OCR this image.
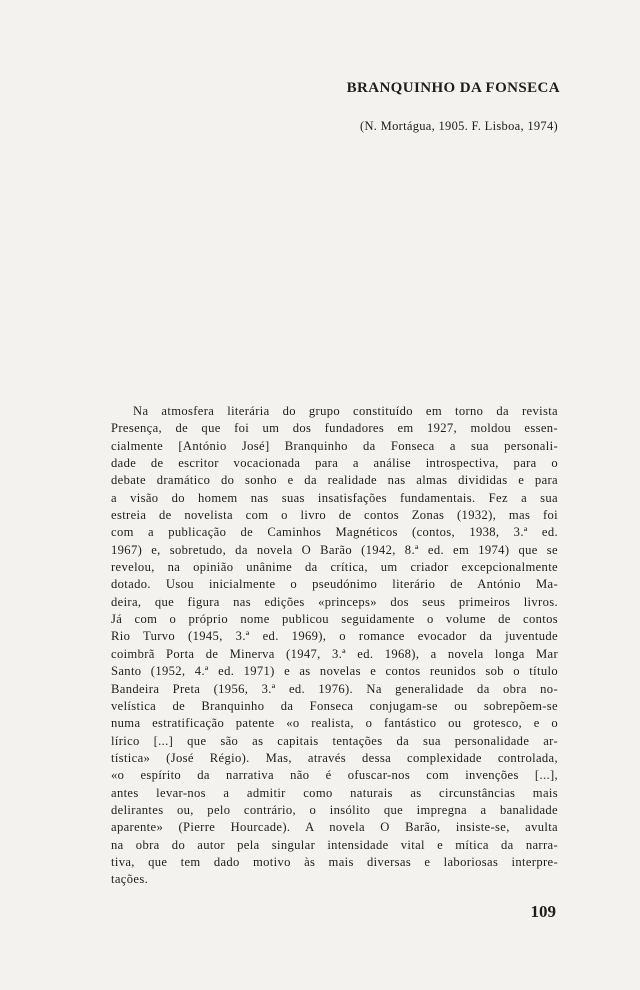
BRANQUINHO DA FONSECA
(N. Mortágua, 1905. F. Lisboa, 1974)
Na atmosfera literária do grupo constituído em torno da revista
Presença, de que foi um dos fundadores em 1927, moldou essen-
cialmente [António José] Branquinho da Fonseca a sua personali-
dade de escritor vocacionada para a análise introspectiva, para o
debate dramático do sonho e da realidade nas almas divididas e para
a visão do homem nas suas insatisfações fundamentais. Fez a sua
estreia de novelista com o livro de contos Zonas (1932), mas foi
com a publicação de Caminhos Magnéticos (contos, 1938, 3.ª ed.
1967) e, sobretudo, da novela O Barão (1942, 8.ª ed. em 1974) que se
revelou, na opinião unânime da crítica, um criador excepcionalmente
dotado. Usou inicialmente o pseudónimo literário de António Ma-
deira, que figura nas edições «princeps» dos seus primeiros livros.
Já com o próprio nome publicou seguidamente o volume de contos
Rio Turvo (1945, 3.ª ed. 1969), o romance evocador da juventude
coimbrã Porta de Minerva (1947, 3.ª ed. 1968), a novela longa Mar
Santo (1952, 4.ª ed. 1971) e as novelas e contos reunidos sob o título
Bandeira Preta (1956, 3.ª ed. 1976). Na generalidade da obra no-
velística de Branquinho da Fonseca conjugam-se ou sobrepõem-se
numa estratificação patente «o realista, o fantástico ou grotesco, e o
lírico [...] que são as capitais tentações da sua personalidade ar-
tística» (José Régio). Mas, através dessa complexidade controlada,
«o espírito da narrativa não é ofuscar-nos com invenções [...],
antes levar-nos a admitir como naturais as circunstâncias mais
delirantes ou, pelo contrário, o insólito que impregna a banalidade
aparente» (Pierre Hourcade). A novela O Barão, insiste-se, avulta
na obra do autor pela singular intensidade vital e mítica da narra-
tiva, que tem dado motivo às mais diversas e laboriosas interpre-
tações.
109
